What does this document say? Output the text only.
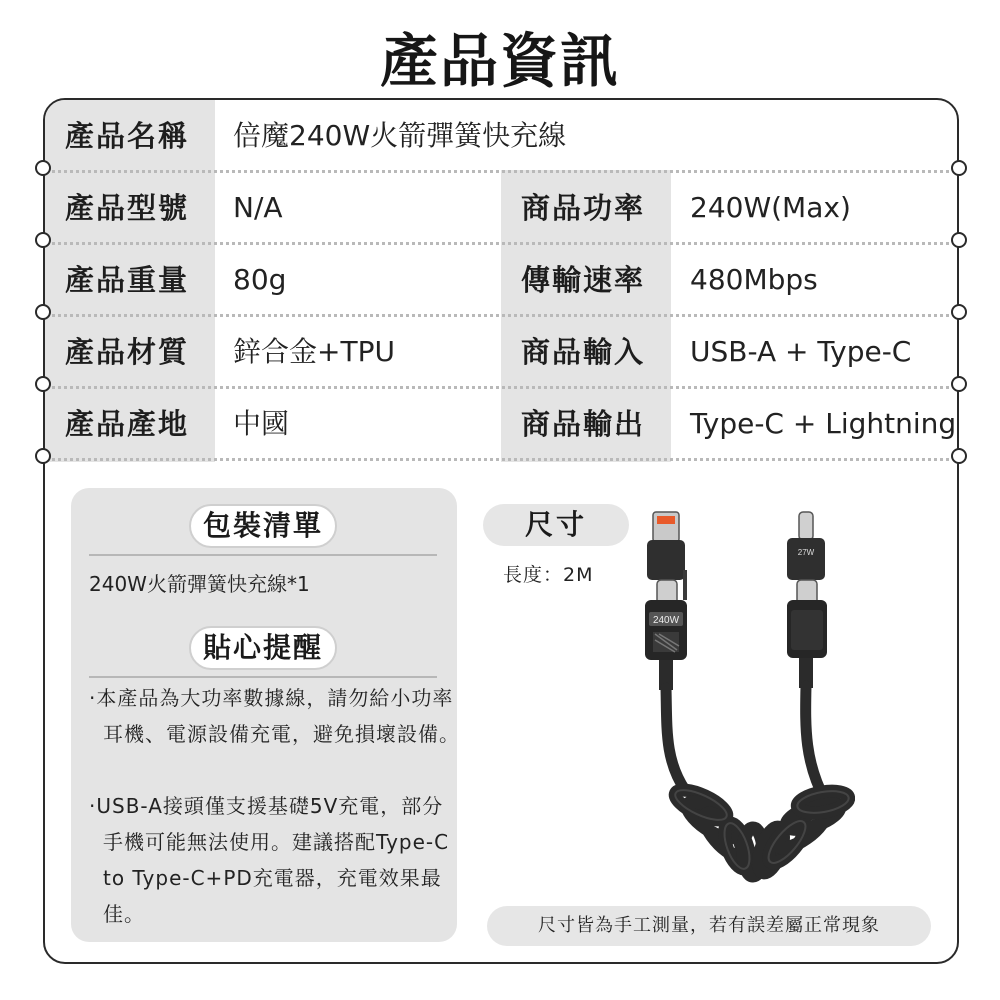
產品資訊
產品名稱 倍魔240W火箭彈簧快充線
產品型號 N/A	商品功率 240W(Max)
產品重量 80g	傳輸速率 480Mbps
產品材質 鋅合金+TPU	商品輸入 USB-A + Type-C
產品產地 中國	商品輸出 Type-C + Lightning
包裝清單
240W火箭彈簧快充線*1
貼心提醒
·本產品為大功率數據線，請勿給小功率耳機、電源設備充電，避免損壞設備。
·USB-A接頭僅支援基礎5V充電，部分手機可能無法使用。建議搭配Type-C to Type-C+PD充電器，充電效果最佳。
尺寸
長度：2M
尺寸皆為手工測量，若有誤差屬正常現象
240W
27W
